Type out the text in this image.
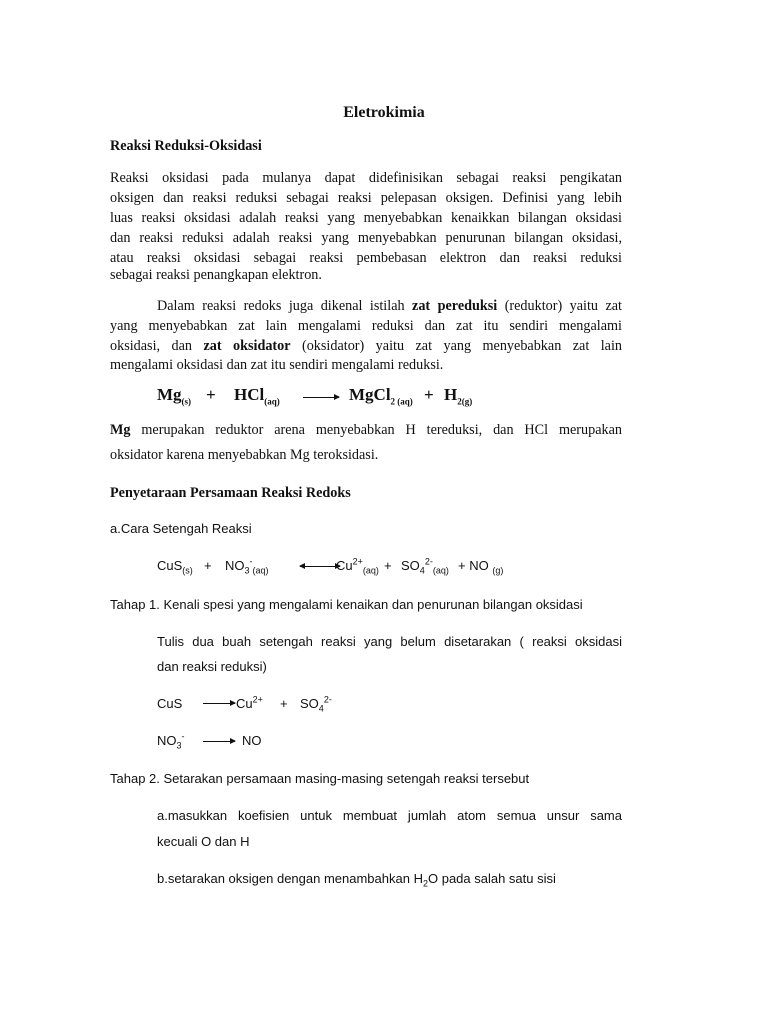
Eletrokimia
Reaksi Reduksi-Oksidasi
Reaksi oksidasi pada mulanya dapat didefinisikan sebagai reaksi pengikatan
oksigen dan reaksi reduksi sebagai reaksi pelepasan oksigen. Definisi yang lebih
luas reaksi oksidasi adalah reaksi yang menyebabkan kenaikkan bilangan oksidasi
dan reaksi reduksi adalah reaksi yang menyebabkan penurunan bilangan oksidasi,
atau reaksi oksidasi sebagai reaksi pembebasan elektron dan reaksi reduksi
sebagai reaksi penangkapan elektron.
Dalam reaksi redoks juga dikenal istilah zat pereduksi (reduktor) yaitu zat
yang menyebabkan zat lain mengalami reduksi dan zat itu sendiri mengalami
oksidasi, dan zat oksidator (oksidator) yaitu zat yang menyebabkan zat lain
mengalami oksidasi dan zat itu sendiri mengalami reduksi.
$Mg_{(s)} + HCl_{(aq)}$ → MgCl$_{2 (aq)}$ + $H_{2(g)}$
Mg merupakan reduktor arena menyebabkan H tereduksi, dan HCl merupakan
oksidator karena menyebabkan Mg teroksidasi.
Penyetaraan Persamaan Reaksi Redoks
a.Cara Setengah Reaksi
$CuS_{(s)} + NO_3^-_{(aq)}$	$Cu^{2+}_{(aq)} + SO_4^{2-}_{(aq)}$ + NO $_{(g)}$
Tahap 1. Kenali spesi yang mengalami kenaikan dan penurunan bilangan oksidasi
Tulis dua buah setengah reaksi yang belum disetarakan ( reaksi oksidasi
dan reaksi reduksi)
CuS → $Cu^{2+} + SO_4^{2-}$
$NO_3^-$ → NO
Tahap 2. Setarakan persamaan masing-masing setengah reaksi tersebut
a.masukkan koefisien untuk membuat jumlah atom semua unsur sama
kecuali O dan H
b.setarakan oksigen dengan menambahkan $H_2O$ pada salah satu sisi
